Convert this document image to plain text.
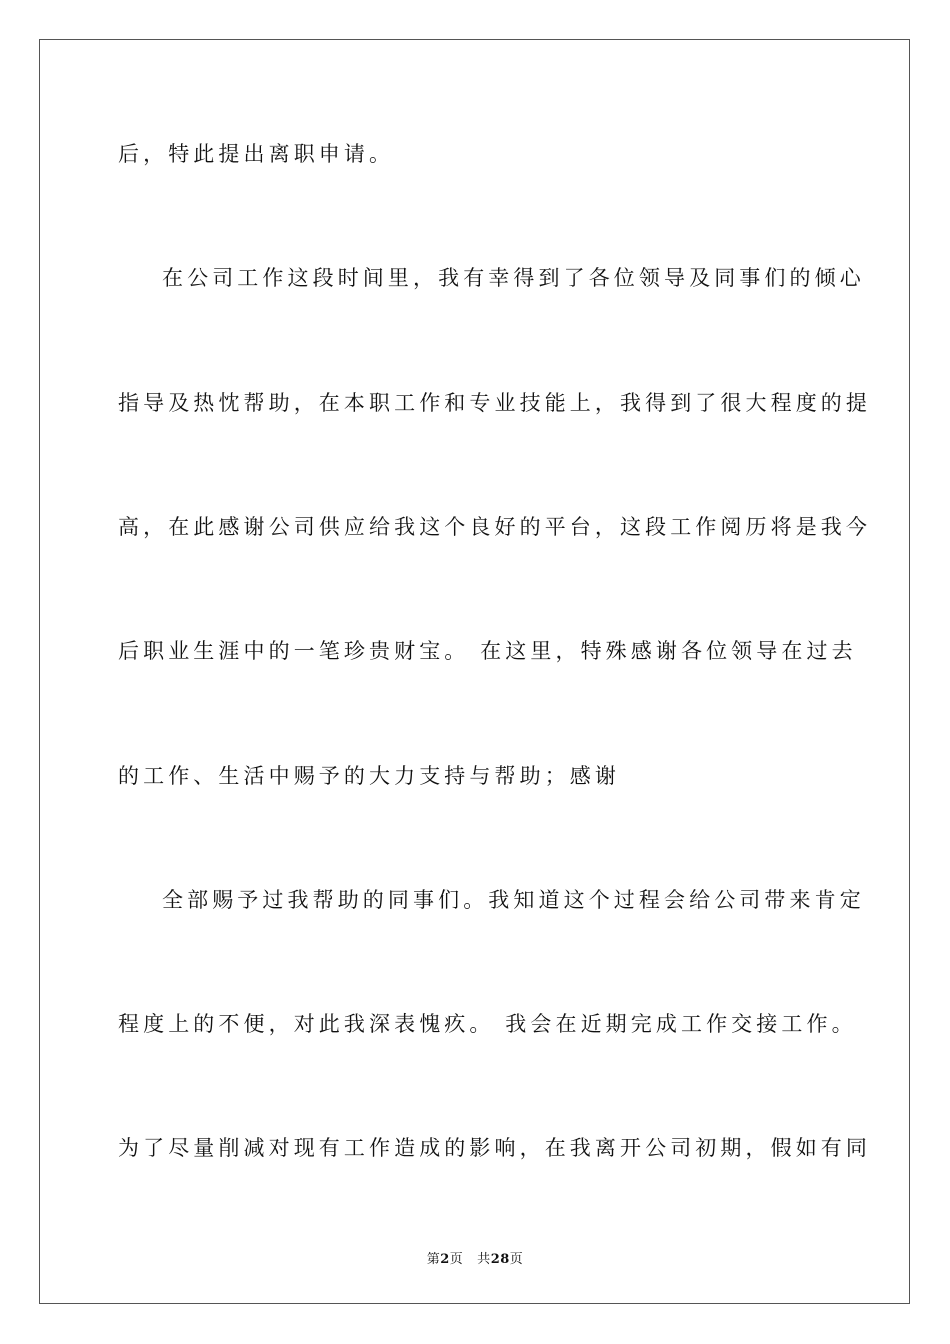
后，特此提出离职申请。
在公司工作这段时间里，我有幸得到了各位领导及同事们的倾心
指导及热忱帮助，在本职工作和专业技能上，我得到了很大程度的提
高，在此感谢公司供应给我这个良好的平台，这段工作阅历将是我今
后职业生涯中的一笔珍贵财宝。 在这里，特殊感谢各位领导在过去
的工作、生活中赐予的大力支持与帮助；感谢
全部赐予过我帮助的同事们。我知道这个过程会给公司带来肯定
程度上的不便，对此我深表愧疚。 我会在近期完成工作交接工作。
为了尽量削减对现有工作造成的影响，在我离开公司初期，假如有同
第2页 共28页
